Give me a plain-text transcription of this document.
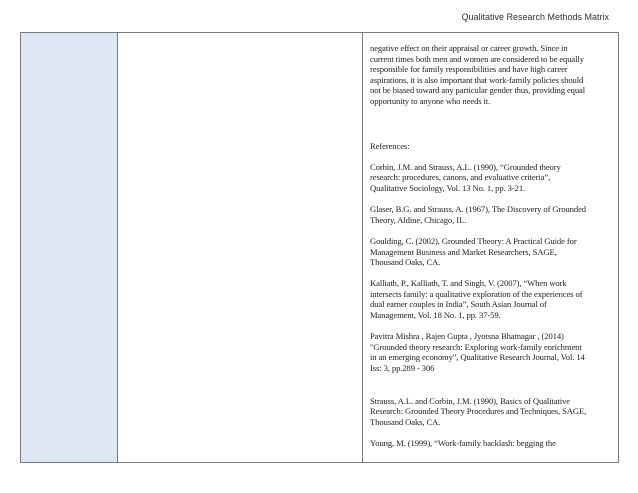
Qualitative Research Methods Matrix

negative effect on their appraisal or career growth. Since in
current times both men and women are considered to be equally
responsible for family responsibilities and have high career
aspirations, it is also important that work-family policies should
not be biased toward any particular gender thus, providing equal
opportunity to anyone who needs it.

References:

Corbin, J.M. and Strauss, A.L. (1990), “Grounded theory
research: procedures, canons, and evaluative criteria”,
Qualitative Sociology, Vol. 13 No. 1, pp. 3-21.

Glaser, B.G. and Strauss, A. (1967), The Discovery of Grounded
Theory, Aldine, Chicago, IL.

Goulding, C. (2002), Grounded Theory: A Practical Guide for
Management Business and Market Researchers, SAGE,
Thousand Oaks, CA.

Kalliath, P., Kalliath, T. and Singh, V. (2007), “When work
intersects family: a qualitative exploration of the experiences of
dual earner couples in India”, South Asian Journal of
Management, Vol. 18 No. 1, pp. 37-59.

Pavitra Mishra , Rajen Gupta , Jyotsna Bhatnagar , (2014)
"Grounded theory research: Exploring work-family enrichment
in an emerging economy", Qualitative Research Journal, Vol. 14
Iss: 3, pp.289 - 306

Strauss, A.L. and Corbin, J.M. (1990), Basics of Qualitative
Research: Grounded Theory Procedures and Techniques, SAGE,
Thousand Oaks, CA.

Young, M. (1999), “Work-family backlash: begging the
